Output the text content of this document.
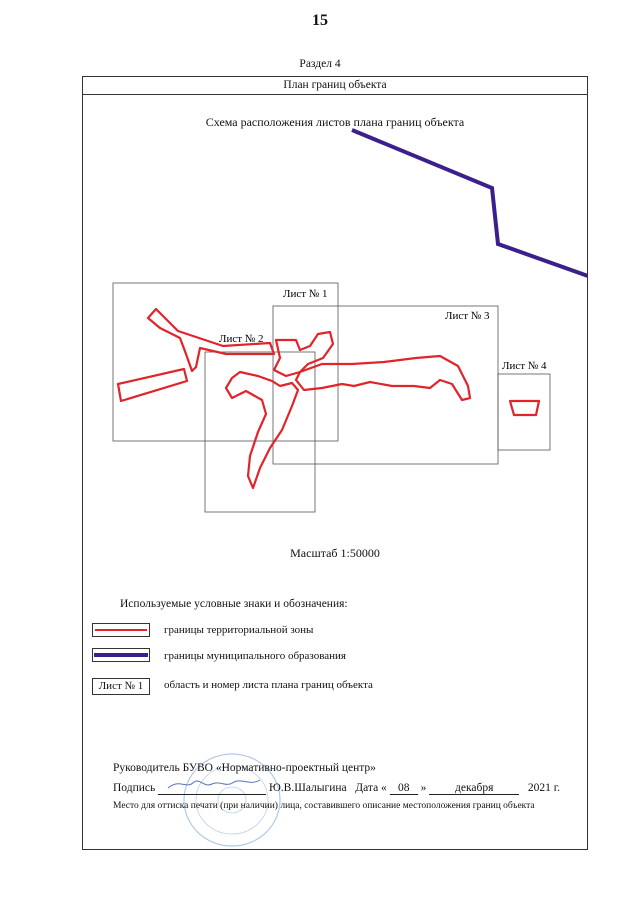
15
Раздел 4
План границ объекта
Схема расположения листов плана границ объекта
Лист № 1
Лист № 2
Лист № 3
Лист № 4
Масштаб 1:50000
Используемые условные знаки и обозначения:
границы территориальной зоны
границы муниципального образования
Лист № 1	область и номер листа плана границ объекта
Руководитель БУВО «Нормативно-проектный центр»
Подпись	Ю.В.Шалыгина Дата « 08 » декабря	2021 г.
Место для оттиска печати (при наличии) лица, составившего описание местоположения границ объекта
